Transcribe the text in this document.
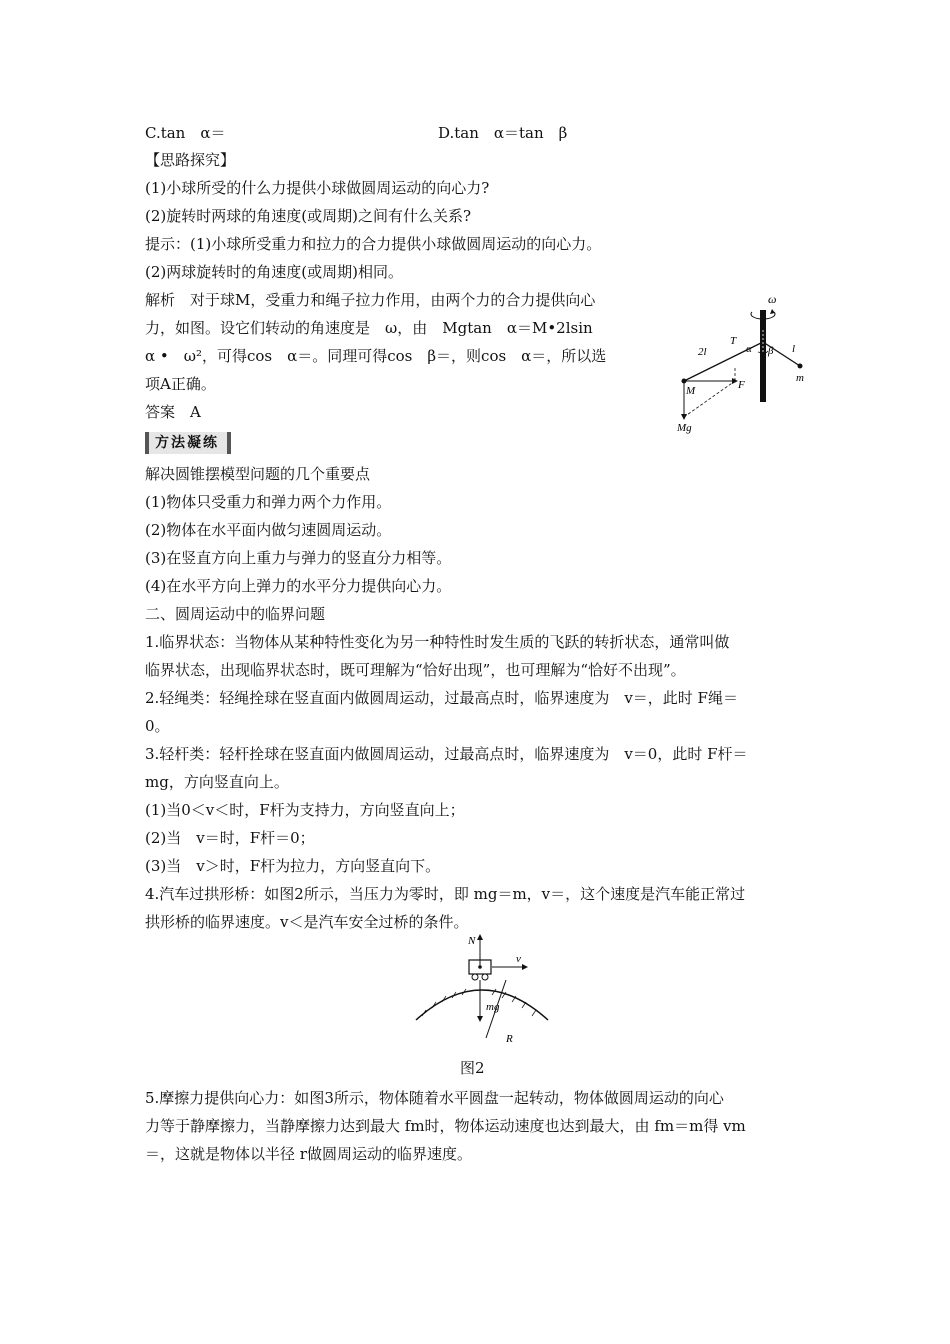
C.tan　α＝	D.tan　α＝tan　β
【思路探究】
(1)小球所受的什么力提供小球做圆周运动的向心力?
(2)旋转时两球的角速度(或周期)之间有什么关系?
提示：(1)小球所受重力和拉力的合力提供小球做圆周运动的向心力。
(2)两球旋转时的角速度(或周期)相同。
解析　对于球M，受重力和绳子拉力作用，由两个力的合力提供向心
力，如图。设它们转动的角速度是　ω，由　Mgtan　α＝M•2lsin
α •　ω²，可得cos　α＝。同理可得cos　β＝，则cos　α＝，所以选
项A正确。
答案　A
ω
α β
T
2l	l
M
m
F
Mg
方法凝练
解决圆锥摆模型问题的几个重要点
(1)物体只受重力和弹力两个力作用。
(2)物体在水平面内做匀速圆周运动。
(3)在竖直方向上重力与弹力的竖直分力相等。
(4)在水平方向上弹力的水平分力提供向心力。
二、圆周运动中的临界问题
1.临界状态：当物体从某种特性变化为另一种特性时发生质的飞跃的转折状态，通常叫做
临界状态，出现临界状态时，既可理解为“恰好出现”，也可理解为“恰好不出现”。
2.轻绳类：轻绳拴球在竖直面内做圆周运动，过最高点时，临界速度为　v＝，此时 F绳＝
0。
3.轻杆类：轻杆拴球在竖直面内做圆周运动，过最高点时，临界速度为　v＝0，此时 F杆＝
mg，方向竖直向上。
(1)当0＜v＜时，F杆为支持力，方向竖直向上；
(2)当　v＝时，F杆＝0；
(3)当　v＞时，F杆为拉力，方向竖直向下。
4.汽车过拱形桥：如图2所示，当压力为零时，即 mg＝m，v＝，这个速度是汽车能正常过
拱形桥的临界速度。v＜是汽车安全过桥的条件。
N
v
mg
R
图2
5.摩擦力提供向心力：如图3所示，物体随着水平圆盘一起转动，物体做圆周运动的向心
力等于静摩擦力，当静摩擦力达到最大 fm时，物体运动速度也达到最大，由 fm＝m得 vm
＝，这就是物体以半径 r做圆周运动的临界速度。
